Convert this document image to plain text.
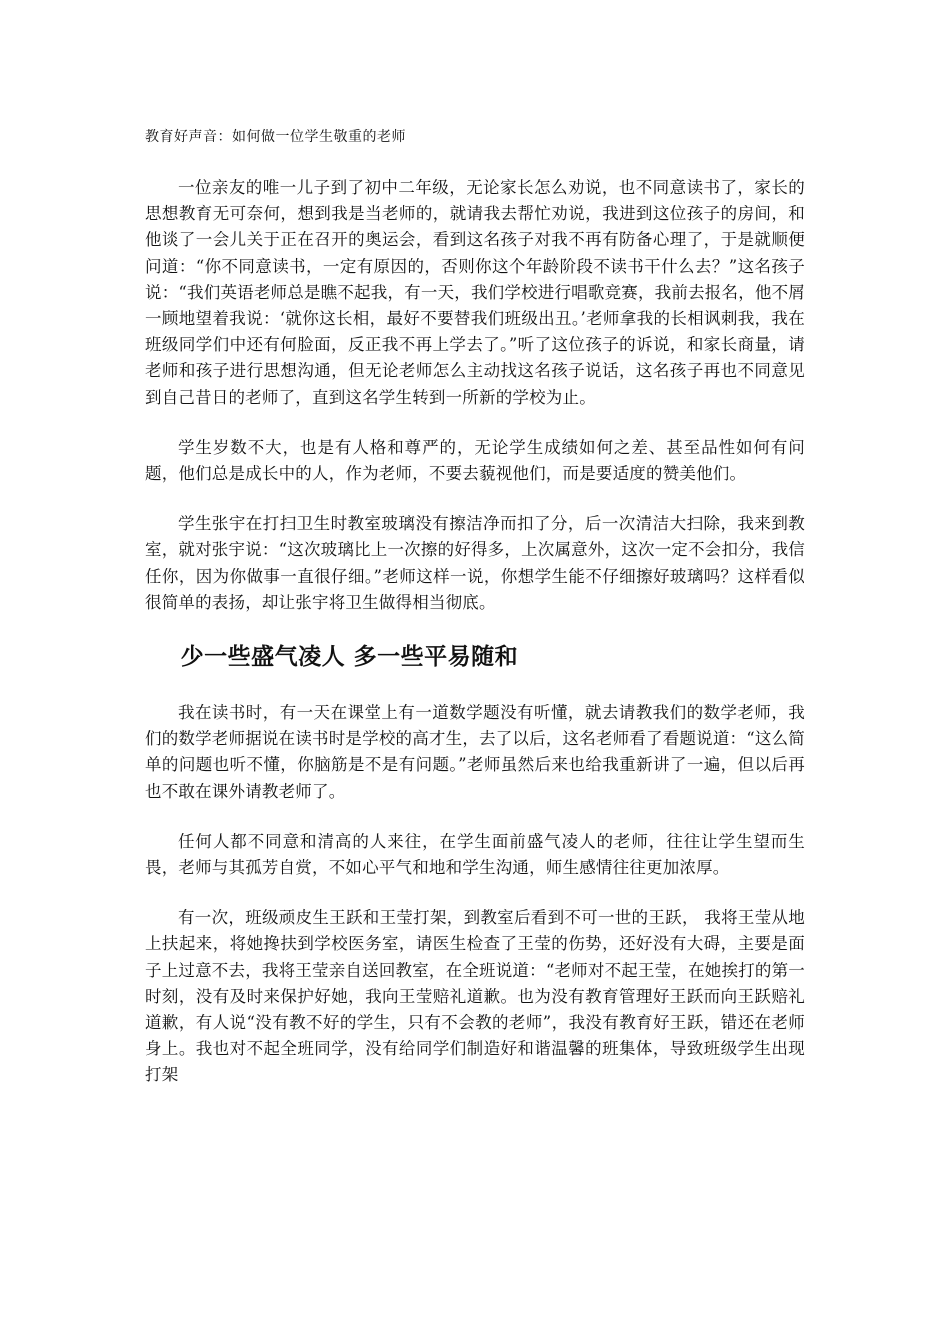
教育好声音：如何做一位学生敬重的老师

一位亲友的唯一儿子到了初中二年级，无论家长怎么劝说，也不同意读书了，家长的思想教育无可奈何，想到我是当老师的，就请我去帮忙劝说，我进到这位孩子的房间，和他谈了一会儿关于正在召开的奥运会，看到这名孩子对我不再有防备心理了，于是就顺便问道：“你不同意读书，一定有原因的，否则你这个年龄阶段不读书干什么去？”这名孩子说：“我们英语老师总是瞧不起我，有一天，我们学校进行唱歌竞赛，我前去报名，他不屑一顾地望着我说：‘就你这长相，最好不要替我们班级出丑。’老师拿我的长相讽刺我，我在班级同学们中还有何脸面，反正我不再上学去了。”听了这位孩子的诉说，和家长商量，请老师和孩子进行思想沟通，但无论老师怎么主动找这名孩子说话，这名孩子再也不同意见到自己昔日的老师了，直到这名学生转到一所新的学校为止。

学生岁数不大，也是有人格和尊严的，无论学生成绩如何之差、甚至品性如何有问题，他们总是成长中的人，作为老师，不要去藐视他们，而是要适度的赞美他们。

学生张宇在打扫卫生时教室玻璃没有擦洁净而扣了分，后一次清洁大扫除，我来到教室，就对张宇说：“这次玻璃比上一次擦的好得多，上次属意外，这次一定不会扣分，我信任你，因为你做事一直很仔细。”老师这样一说，你想学生能不仔细擦好玻璃吗？这样看似很简单的表扬，却让张宇将卫生做得相当彻底。

少一些盛气凌人 多一些平易随和

我在读书时，有一天在课堂上有一道数学题没有听懂，就去请教我们的数学老师，我们的数学老师据说在读书时是学校的高才生，去了以后，这名老师看了看题说道：“这么简单的问题也听不懂，你脑筋是不是有问题。”老师虽然后来也给我重新讲了一遍，但以后再也不敢在课外请教老师了。

任何人都不同意和清高的人来往，在学生面前盛气凌人的老师，往往让学生望而生畏，老师与其孤芳自赏，不如心平气和地和学生沟通，师生感情往往更加浓厚。

有一次，班级顽皮生王跃和王莹打架，到教室后看到不可一世的王跃， 我将王莹从地上扶起来，将她搀扶到学校医务室，请医生检查了王莹的伤势，还好没有大碍，主要是面子上过意不去，我将王莹亲自送回教室，在全班说道：“老师对不起王莹，在她挨打的第一时刻，没有及时来保护好她，我向王莹赔礼道歉。也为没有教育管理好王跃而向王跃赔礼道歉，有人说“没有教不好的学生，只有不会教的老师”，我没有教育好王跃，错还在老师身上。我也对不起全班同学，没有给同学们制造好和谐温馨的班集体，导致班级学生出现打架
